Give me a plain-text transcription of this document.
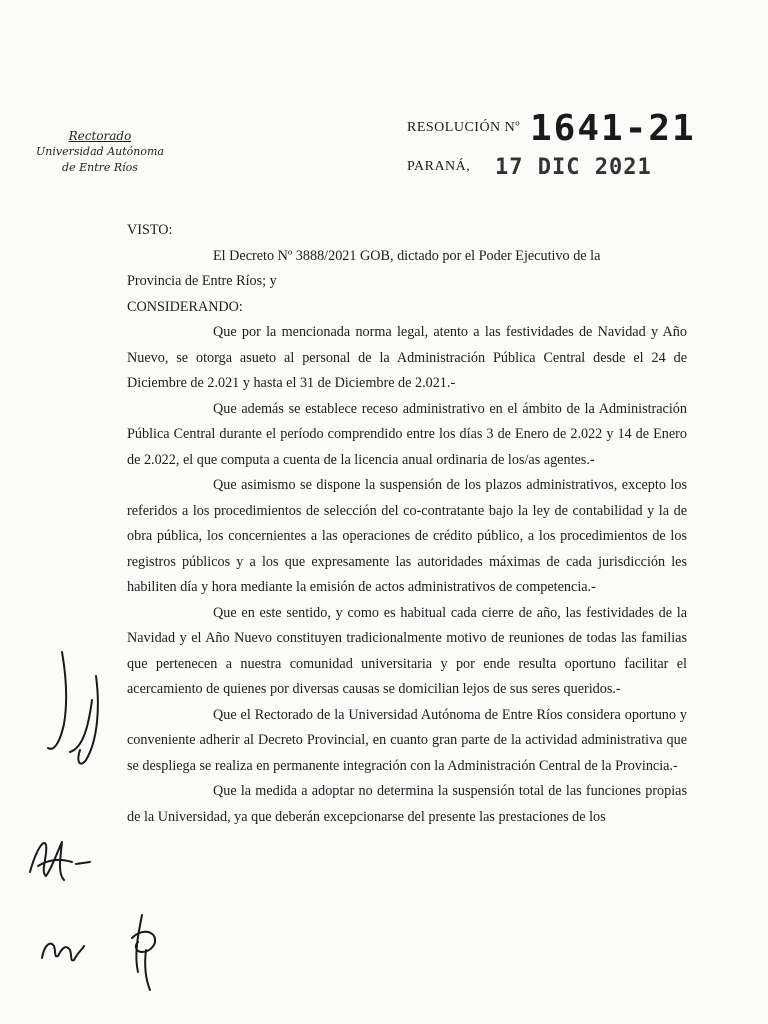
Rectorado
Universidad Autónoma
de Entre Ríos
RESOLUCIÓN Nº 1641-21
PARANÁ, 17 DIC 2021

VISTO:

El Decreto Nº 3888/2021 GOB, dictado por el Poder Ejecutivo de la

Provincia de Entre Ríos; y

CONSIDERANDO:

Que por la mencionada norma legal, atento a las festividades de Navidad y Año Nuevo, se otorga asueto al personal de la Administración Pública Central desde el 24 de Diciembre de 2.021 y hasta el 31 de Diciembre de 2.021.-

Que además se establece receso administrativo en el ámbito de la Administración Pública Central durante el período comprendido entre los días 3 de Enero de 2.022 y 14 de Enero de 2.022, el que computa a cuenta de la licencia anual ordinaria de los/as agentes.-

Que asimismo se dispone la suspensión de los plazos administrativos, excepto los referidos a los procedimientos de selección del co-contratante bajo la ley de contabilidad y la de obra pública, los concernientes a las operaciones de crédito público, a los procedimientos de los registros públicos y a los que expresamente las autoridades máximas de cada jurisdicción les habiliten día y hora mediante la emisión de actos administrativos de competencia.-

Que en este sentido, y como es habitual cada cierre de año, las festividades de la Navidad y el Año Nuevo constituyen tradicionalmente motivo de reuniones de todas las familias que pertenecen a nuestra comunidad universitaria y por ende resulta oportuno facilitar el acercamiento de quienes por diversas causas se domicilian lejos de sus seres queridos.-

Que el Rectorado de la Universidad Autónoma de Entre Ríos considera oportuno y conveniente adherir al Decreto Provincial, en cuanto gran parte de la actividad administrativa que se despliega se realiza en permanente integración con la Administración Central de la Provincia.-

Que la medida a adoptar no determina la suspensión total de las funciones propias de la Universidad, ya que deberán excepcionarse del presente las prestaciones de los
